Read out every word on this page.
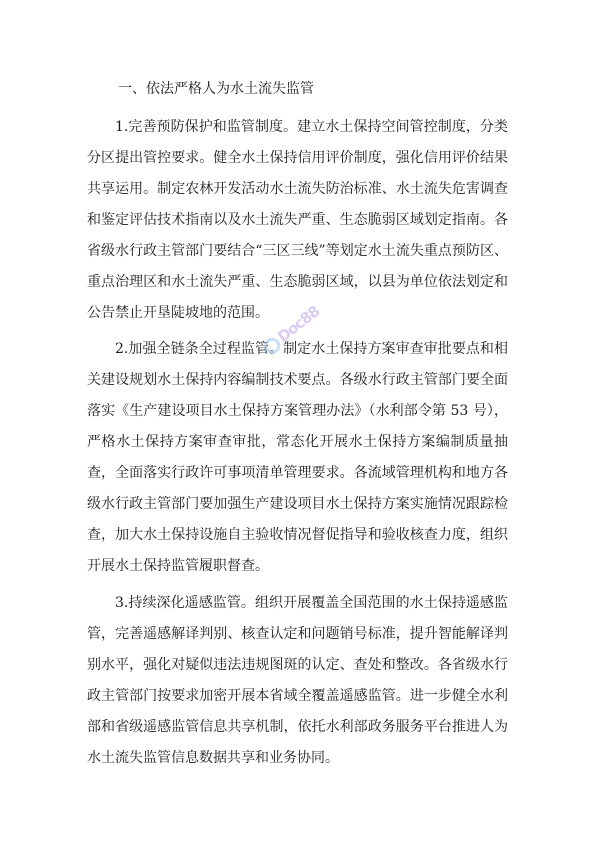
一、依法严格人为水土流失监管

1.完善预防保护和监管制度。建立水土保持空间管控制度，分类分区提出管控要求。健全水土保持信用评价制度，强化信用评价结果共享运用。制定农林开发活动水土流失防治标准、水土流失危害调查和鉴定评估技术指南以及水土流失严重、生态脆弱区域划定指南。各省级水行政主管部门要结合“三区三线”等划定水土流失重点预防区、重点治理区和水土流失严重、生态脆弱区域，以县为单位依法划定和公告禁止开垦陡坡地的范围。

2.加强全链条全过程监管。制定水土保持方案审查审批要点和相关建设规划水土保持内容编制技术要点。各级水行政主管部门要全面落实《生产建设项目水土保持方案管理办法》（水利部令第 53 号），严格水土保持方案审查审批，常态化开展水土保持方案编制质量抽查，全面落实行政许可事项清单管理要求。各流域管理机构和地方各级水行政主管部门要加强生产建设项目水土保持方案实施情况跟踪检查，加大水土保持设施自主验收情况督促指导和验收核查力度，组织开展水土保持监管履职督查。

3.持续深化遥感监管。组织开展覆盖全国范围的水土保持遥感监管，完善遥感解译判别、核查认定和问题销号标准，提升智能解译判别水平，强化对疑似违法违规图斑的认定、查处和整改。各省级水行政主管部门按要求加密开展本省域全覆盖遥感监管。进一步健全水利部和省级遥感监管信息共享机制，依托水利部政务服务平台推进人为水土流失监管信息数据共享和业务协同。

Doc88
